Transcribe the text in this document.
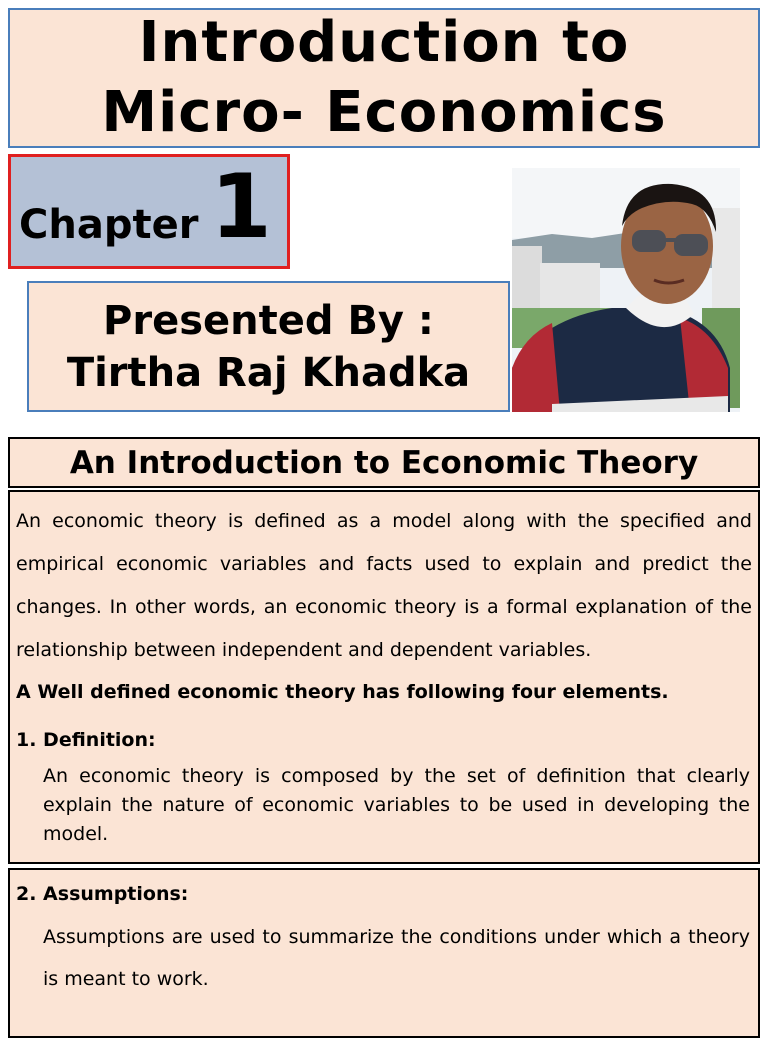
Introduction to
Micro- Economics
Chapter 1
Presented By :
Tirtha Raj Khadka
An Introduction to Economic Theory

An economic theory is defined as a model along with the specified and empirical economic variables and facts used to explain and predict the changes. In other words, an economic theory is a formal explanation of the relationship between independent and dependent variables.

A Well defined economic theory has following four elements.

1. Definition:

An economic theory is composed by the set of definition that clearly explain the nature of economic variables to be used in developing the model.

2. Assumptions:

Assumptions are used to summarize the conditions under which a theory is meant to work.
